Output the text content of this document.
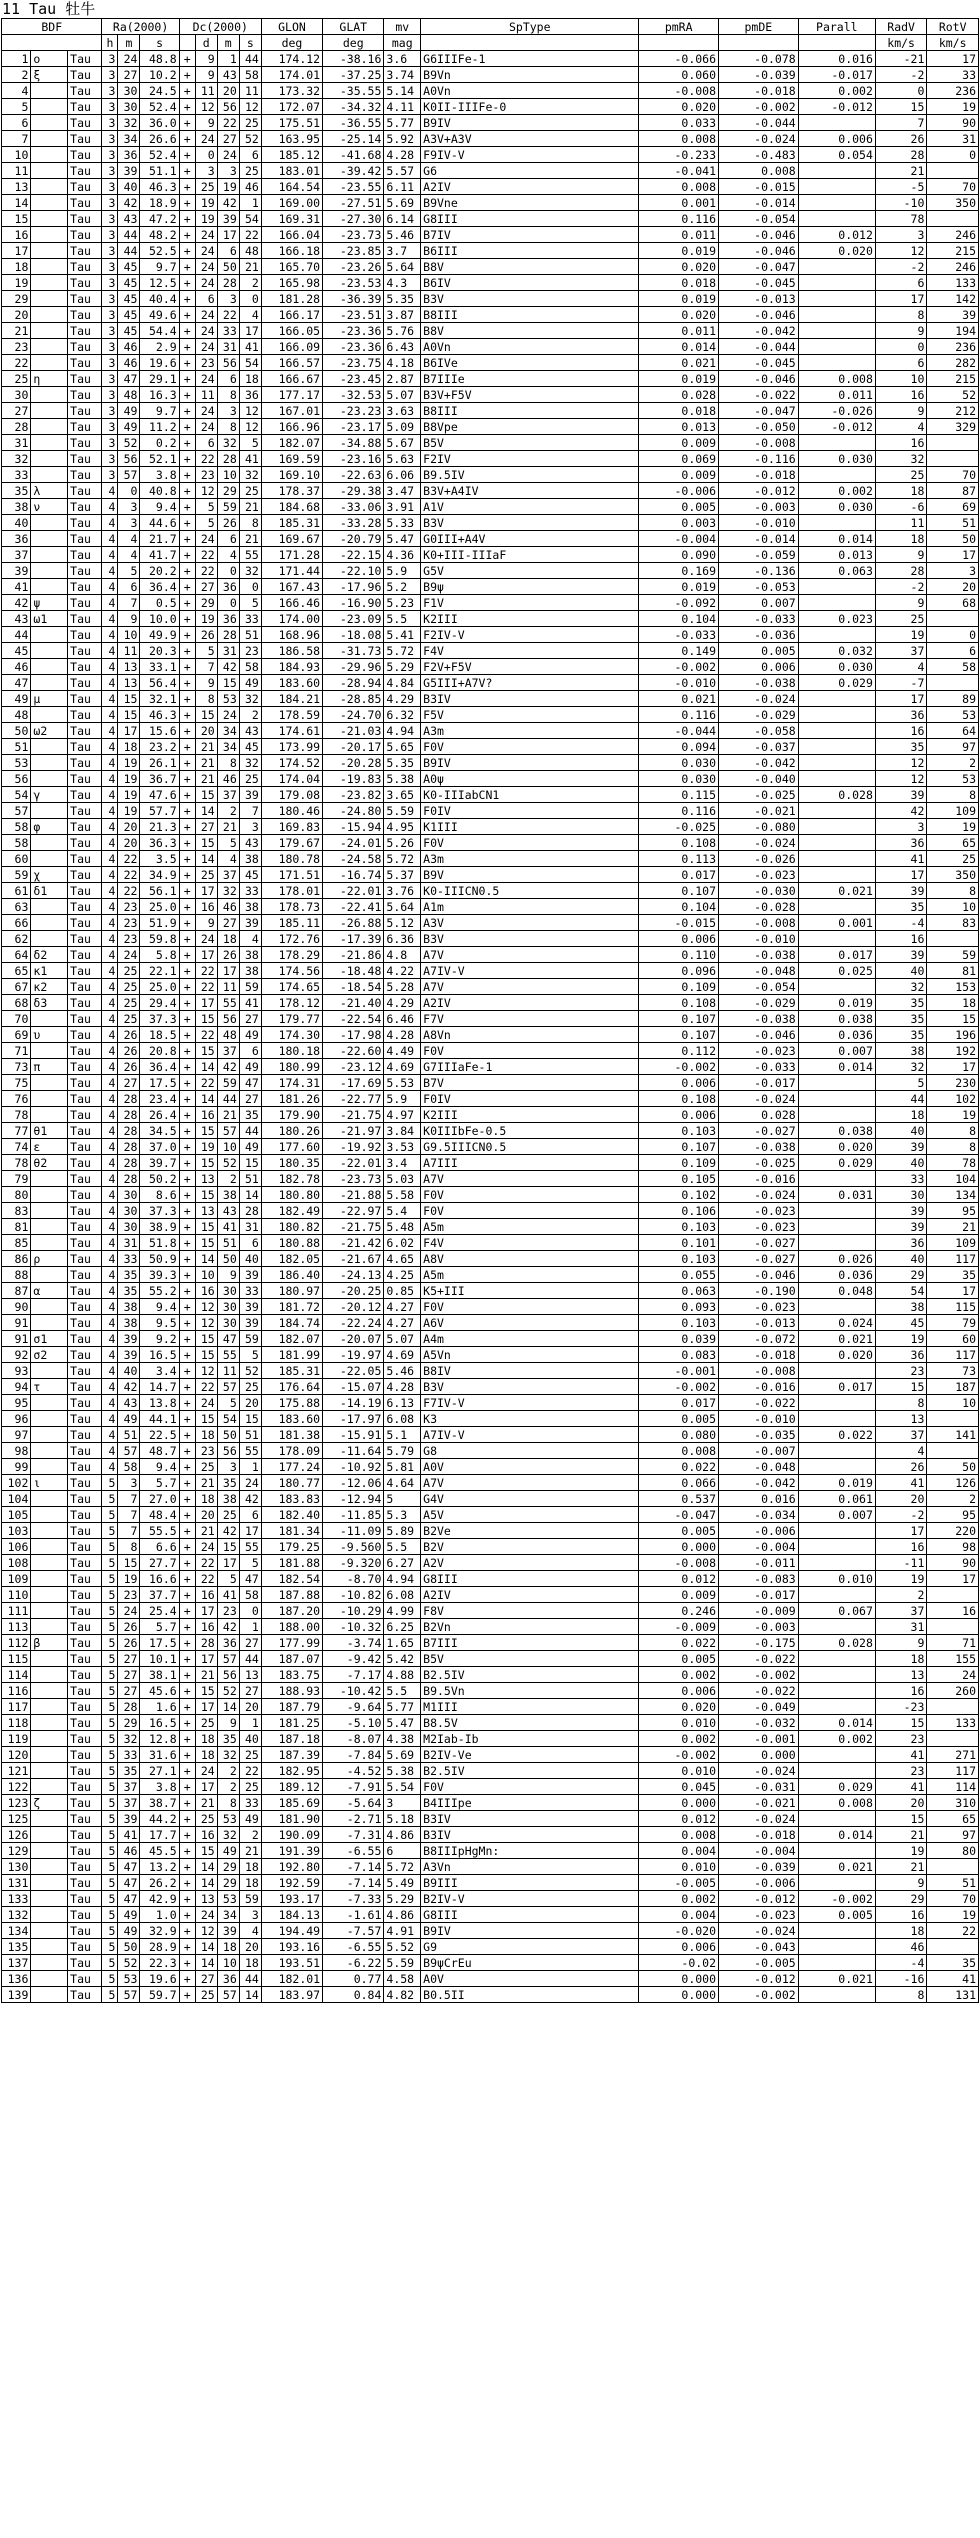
11 Tau 牡牛
BDF			Ra(2000)			Dc(2000)				GLON	GLAT	mv	SpType	pmRA	pmDE	Parall	RadV	RotV
			h	m	s		d	m	s	deg	deg	mag					km/s	km/s
1	ο	Tau	3	24	48.8	+	9	1	44	174.12	-38.16	3.6	G6IIIFe-1	-0.066	-0.078	0.016	-21	17
2	ξ	Tau	3	27	10.2	+	9	43	58	174.01	-37.25	3.74	B9Vn	0.060	-0.039	-0.017	-2	33
4		Tau	3	30	24.5	+	11	20	11	173.32	-35.55	5.14	A0Vn	-0.008	-0.018	0.002	0	236
5		Tau	3	30	52.4	+	12	56	12	172.07	-34.32	4.11	K0II-IIIFe-0	0.020	-0.002	-0.012	15	19
6		Tau	3	32	36.0	+	9	22	25	175.51	-36.55	5.77	B9IV	0.033	-0.044		7	90
7		Tau	3	34	26.6	+	24	27	52	163.95	-25.14	5.92	A3V+A3V	0.008	-0.024	0.006	26	31
10		Tau	3	36	52.4	+	0	24	6	185.12	-41.68	4.28	F9IV-V	-0.233	-0.483	0.054	28	0
11		Tau	3	39	51.1	+	3	3	25	183.01	-39.42	5.57	G6	-0.041	0.008		21	
13		Tau	3	40	46.3	+	25	19	46	164.54	-23.55	6.11	A2IV	0.008	-0.015		-5	70
14		Tau	3	42	18.9	+	19	42	1	169.00	-27.51	5.69	B9Vne	0.001	-0.014		-10	350
15		Tau	3	43	47.2	+	19	39	54	169.31	-27.30	6.14	G8III	0.116	-0.054		78	
16		Tau	3	44	48.2	+	24	17	22	166.04	-23.73	5.46	B7IV	0.011	-0.046	0.012	3	246
17		Tau	3	44	52.5	+	24	6	48	166.18	-23.85	3.7	B6III	0.019	-0.046	0.020	12	215
18		Tau	3	45	9.7	+	24	50	21	165.70	-23.26	5.64	B8V	0.020	-0.047		-2	246
19		Tau	3	45	12.5	+	24	28	2	165.98	-23.53	4.3	B6IV	0.018	-0.045		6	133
29		Tau	3	45	40.4	+	6	3	0	181.28	-36.39	5.35	B3V	0.019	-0.013		17	142
20		Tau	3	45	49.6	+	24	22	4	166.17	-23.51	3.87	B8III	0.020	-0.046		8	39
21		Tau	3	45	54.4	+	24	33	17	166.05	-23.36	5.76	B8V	0.011	-0.042		9	194
23		Tau	3	46	2.9	+	24	31	41	166.09	-23.36	6.43	A0Vn	0.014	-0.044		0	236
22		Tau	3	46	19.6	+	23	56	54	166.57	-23.75	4.18	B6IVe	0.021	-0.045		6	282
25	η	Tau	3	47	29.1	+	24	6	18	166.67	-23.45	2.87	B7IIIe	0.019	-0.046	0.008	10	215
30		Tau	3	48	16.3	+	11	8	36	177.17	-32.53	5.07	B3V+F5V	0.028	-0.022	0.011	16	52
27		Tau	3	49	9.7	+	24	3	12	167.01	-23.23	3.63	B8III	0.018	-0.047	-0.026	9	212
28		Tau	3	49	11.2	+	24	8	12	166.96	-23.17	5.09	B8Vpe	0.013	-0.050	-0.012	4	329
31		Tau	3	52	0.2	+	6	32	5	182.07	-34.88	5.67	B5V	0.009	-0.008		16	
32		Tau	3	56	52.1	+	22	28	41	169.59	-23.16	5.63	F2IV	0.069	-0.116	0.030	32	
33		Tau	3	57	3.8	+	23	10	32	169.10	-22.63	6.06	B9.5IV	0.009	-0.018		25	70
35	λ	Tau	4	0	40.8	+	12	29	25	178.37	-29.38	3.47	B3V+A4IV	-0.006	-0.012	0.002	18	87
38	ν	Tau	4	3	9.4	+	5	59	21	184.68	-33.06	3.91	A1V	0.005	-0.003	0.030	-6	69
40		Tau	4	3	44.6	+	5	26	8	185.31	-33.28	5.33	B3V	0.003	-0.010		11	51
36		Tau	4	4	21.7	+	24	6	21	169.67	-20.79	5.47	G0III+A4V	-0.004	-0.014	0.014	18	50
37		Tau	4	4	41.7	+	22	4	55	171.28	-22.15	4.36	K0+III-IIIaF	0.090	-0.059	0.013	9	17
39		Tau	4	5	20.2	+	22	0	32	171.44	-22.10	5.9	G5V	0.169	-0.136	0.063	28	3
41		Tau	4	6	36.4	+	27	36	0	167.43	-17.96	5.2	B9ψ	0.019	-0.053		-2	20
42	ψ	Tau	4	7	0.5	+	29	0	5	166.46	-16.90	5.23	F1V	-0.092	0.007		9	68
43	ω1	Tau	4	9	10.0	+	19	36	33	174.00	-23.09	5.5	K2III	0.104	-0.033	0.023	25	
44		Tau	4	10	49.9	+	26	28	51	168.96	-18.08	5.41	F2IV-V	-0.033	-0.036		19	0
45		Tau	4	11	20.3	+	5	31	23	186.58	-31.73	5.72	F4V	0.149	0.005	0.032	37	6
46		Tau	4	13	33.1	+	7	42	58	184.93	-29.96	5.29	F2V+F5V	-0.002	0.006	0.030	4	58
47		Tau	4	13	56.4	+	9	15	49	183.60	-28.94	4.84	G5III+A7V?	-0.010	-0.038	0.029	-7	
49	μ	Tau	4	15	32.1	+	8	53	32	184.21	-28.85	4.29	B3IV	0.021	-0.024		17	89
48		Tau	4	15	46.3	+	15	24	2	178.59	-24.70	6.32	F5V	0.116	-0.029		36	53
50	ω2	Tau	4	17	15.6	+	20	34	43	174.61	-21.03	4.94	A3m	-0.044	-0.058		16	64
51		Tau	4	18	23.2	+	21	34	45	173.99	-20.17	5.65	F0V	0.094	-0.037		35	97
53		Tau	4	19	26.1	+	21	8	32	174.52	-20.28	5.35	B9IV	0.030	-0.042		12	2
56		Tau	4	19	36.7	+	21	46	25	174.04	-19.83	5.38	A0ψ	0.030	-0.040		12	53
54	γ	Tau	4	19	47.6	+	15	37	39	179.08	-23.82	3.65	K0-IIIabCN1	0.115	-0.025	0.028	39	8
57		Tau	4	19	57.7	+	14	2	7	180.46	-24.80	5.59	F0IV	0.116	-0.021		42	109
58	φ	Tau	4	20	21.3	+	27	21	3	169.83	-15.94	4.95	K1III	-0.025	-0.080		3	19
58		Tau	4	20	36.3	+	15	5	43	179.67	-24.01	5.26	F0V	0.108	-0.024		36	65
60		Tau	4	22	3.5	+	14	4	38	180.78	-24.58	5.72	A3m	0.113	-0.026		41	25
59	χ	Tau	4	22	34.9	+	25	37	45	171.51	-16.74	5.37	B9V	0.017	-0.023		17	350
61	δ1	Tau	4	22	56.1	+	17	32	33	178.01	-22.01	3.76	K0-IIICN0.5	0.107	-0.030	0.021	39	8
63		Tau	4	23	25.0	+	16	46	38	178.73	-22.41	5.64	A1m	0.104	-0.028		35	10
66		Tau	4	23	51.9	+	9	27	39	185.11	-26.88	5.12	A3V	-0.015	-0.008	0.001	-4	83
62		Tau	4	23	59.8	+	24	18	4	172.76	-17.39	6.36	B3V	0.006	-0.010		16	
64	δ2	Tau	4	24	5.8	+	17	26	38	178.29	-21.86	4.8	A7V	0.110	-0.038	0.017	39	59
65	κ1	Tau	4	25	22.1	+	22	17	38	174.56	-18.48	4.22	A7IV-V	0.096	-0.048	0.025	40	81
67	κ2	Tau	4	25	25.0	+	22	11	59	174.65	-18.54	5.28	A7V	0.109	-0.054		32	153
68	δ3	Tau	4	25	29.4	+	17	55	41	178.12	-21.40	4.29	A2IV	0.108	-0.029	0.019	35	18
70		Tau	4	25	37.3	+	15	56	27	179.77	-22.54	6.46	F7V	0.107	-0.038	0.038	35	15
69	υ	Tau	4	26	18.5	+	22	48	49	174.30	-17.98	4.28	A8Vn	0.107	-0.046	0.036	35	196
71		Tau	4	26	20.8	+	15	37	6	180.18	-22.60	4.49	F0V	0.112	-0.023	0.007	38	192
73	π	Tau	4	26	36.4	+	14	42	49	180.99	-23.12	4.69	G7IIIaFe-1	-0.002	-0.033	0.014	32	17
75		Tau	4	27	17.5	+	22	59	47	174.31	-17.69	5.53	B7V	0.006	-0.017		5	230
76		Tau	4	28	23.4	+	14	44	27	181.26	-22.77	5.9	F0IV	0.108	-0.024		44	102
78		Tau	4	28	26.4	+	16	21	35	179.90	-21.75	4.97	K2III	0.006	0.028		18	19
77	θ1	Tau	4	28	34.5	+	15	57	44	180.26	-21.97	3.84	K0IIIbFe-0.5	0.103	-0.027	0.038	40	8
74	ε	Tau	4	28	37.0	+	19	10	49	177.60	-19.92	3.53	G9.5IIICN0.5	0.107	-0.038	0.020	39	8
78	θ2	Tau	4	28	39.7	+	15	52	15	180.35	-22.01	3.4	A7III	0.109	-0.025	0.029	40	78
79		Tau	4	28	50.2	+	13	2	51	182.78	-23.73	5.03	A7V	0.105	-0.016		33	104
80		Tau	4	30	8.6	+	15	38	14	180.80	-21.88	5.58	F0V	0.102	-0.024	0.031	30	134
83		Tau	4	30	37.3	+	13	43	28	182.49	-22.97	5.4	F0V	0.106	-0.023		39	95
81		Tau	4	30	38.9	+	15	41	31	180.82	-21.75	5.48	A5m	0.103	-0.023		39	21
85		Tau	4	31	51.8	+	15	51	6	180.88	-21.42	6.02	F4V	0.101	-0.027		36	109
86	ρ	Tau	4	33	50.9	+	14	50	40	182.05	-21.67	4.65	A8V	0.103	-0.027	0.026	40	117
88		Tau	4	35	39.3	+	10	9	39	186.40	-24.13	4.25	A5m	0.055	-0.046	0.036	29	35
87	α	Tau	4	35	55.2	+	16	30	33	180.97	-20.25	0.85	K5+III	0.063	-0.190	0.048	54	17
90		Tau	4	38	9.4	+	12	30	39	181.72	-20.12	4.27	F0V	0.093	-0.023		38	115
91		Tau	4	38	9.5	+	12	30	39	184.74	-22.24	4.27	A6V	0.103	-0.013	0.024	45	79
91	σ1	Tau	4	39	9.2	+	15	47	59	182.07	-20.07	5.07	A4m	0.039	-0.072	0.021	19	60
92	σ2	Tau	4	39	16.5	+	15	55	5	181.99	-19.97	4.69	A5Vn	0.083	-0.018	0.020	36	117
93		Tau	4	40	3.4	+	12	11	52	185.31	-22.05	5.46	B8IV	-0.001	-0.008		23	73
94	τ	Tau	4	42	14.7	+	22	57	25	176.64	-15.07	4.28	B3V	-0.002	-0.016	0.017	15	187
95		Tau	4	43	13.8	+	24	5	20	175.88	-14.19	6.13	F7IV-V	0.017	-0.022		8	10
96		Tau	4	49	44.1	+	15	54	15	183.60	-17.97	6.08	K3	0.005	-0.010		13	
97		Tau	4	51	22.5	+	18	50	51	181.38	-15.91	5.1	A7IV-V	0.080	-0.035	0.022	37	141
98		Tau	4	57	48.7	+	23	56	55	178.09	-11.64	5.79	G8	0.008	-0.007		4	
99		Tau	4	58	9.4	+	25	3	1	177.24	-10.92	5.81	A0V	0.022	-0.048		26	50
102	ι	Tau	5	3	5.7	+	21	35	24	180.77	-12.06	4.64	A7V	0.066	-0.042	0.019	41	126
104		Tau	5	7	27.0	+	18	38	42	183.83	-12.94	5	G4V	0.537	0.016	0.061	20	2
105		Tau	5	7	48.4	+	20	25	6	182.40	-11.85	5.3	A5V	-0.047	-0.034	0.007	-2	95
103		Tau	5	7	55.5	+	21	42	17	181.34	-11.09	5.89	B2Ve	0.005	-0.006		17	220
106		Tau	5	8	6.6	+	24	15	55	179.25	-9.560	5.5	B2V	0.000	-0.004		16	98
108		Tau	5	15	27.7	+	22	17	5	181.88	-9.320	6.27	A2V	-0.008	-0.011		-11	90
109		Tau	5	19	16.6	+	22	5	47	182.54	-8.70	4.94	G8III	0.012	-0.083	0.010	19	17
110		Tau	5	23	37.7	+	16	41	58	187.88	-10.82	6.08	A2IV	0.009	-0.017		2	
111		Tau	5	24	25.4	+	17	23	0	187.20	-10.29	4.99	F8V	0.246	-0.009	0.067	37	16
113		Tau	5	26	5.7	+	16	42	1	188.00	-10.32	6.25	B2Vn	-0.009	-0.003		31	
112	β	Tau	5	26	17.5	+	28	36	27	177.99	-3.74	1.65	B7III	0.022	-0.175	0.028	9	71
115		Tau	5	27	10.1	+	17	57	44	187.07	-9.42	5.42	B5V	0.005	-0.022		18	155
114		Tau	5	27	38.1	+	21	56	13	183.75	-7.17	4.88	B2.5IV	0.002	-0.002		13	24
116		Tau	5	27	45.6	+	15	52	27	188.93	-10.42	5.5	B9.5Vn	0.006	-0.022		16	260
117		Tau	5	28	1.6	+	17	14	20	187.79	-9.64	5.77	M1III	0.020	-0.049		-23	
118		Tau	5	29	16.5	+	25	9	1	181.25	-5.10	5.47	B8.5V	0.010	-0.032	0.014	15	133
119		Tau	5	32	12.8	+	18	35	40	187.18	-8.07	4.38	M2Iab-Ib	0.002	-0.001	0.002	23	
120		Tau	5	33	31.6	+	18	32	25	187.39	-7.84	5.69	B2IV-Ve	-0.002	0.000		41	271
121		Tau	5	35	27.1	+	24	2	22	182.95	-4.52	5.38	B2.5IV	0.010	-0.024		23	117
122		Tau	5	37	3.8	+	17	2	25	189.12	-7.91	5.54	F0V	0.045	-0.031	0.029	41	114
123	ζ	Tau	5	37	38.7	+	21	8	33	185.69	-5.64	3	B4IIIpe	0.000	-0.021	0.008	20	310
125		Tau	5	39	44.2	+	25	53	49	181.90	-2.71	5.18	B3IV	0.012	-0.024		15	65
126		Tau	5	41	17.7	+	16	32	2	190.09	-7.31	4.86	B3IV	0.008	-0.018	0.014	21	97
129		Tau	5	46	45.5	+	15	49	21	191.39	-6.55	6	B8IIIpHgMn:	0.004	-0.004		19	80
130		Tau	5	47	13.2	+	14	29	18	192.80	-7.14	5.72	A3Vn	0.010	-0.039	0.021	21	
131		Tau	5	47	26.2	+	14	29	18	192.59	-7.14	5.49	B9III	-0.005	-0.006		9	51
133		Tau	5	47	42.9	+	13	53	59	193.17	-7.33	5.29	B2IV-V	0.002	-0.012	-0.002	29	70
132		Tau	5	49	1.0	+	24	34	3	184.13	-1.61	4.86	G8III	0.004	-0.023	0.005	16	19
134		Tau	5	49	32.9	+	12	39	4	194.49	-7.57	4.91	B9IV	-0.020	-0.024		18	22
135		Tau	5	50	28.9	+	14	18	20	193.16	-6.55	5.52	G9	0.006	-0.043		46	
137		Tau	5	52	22.3	+	14	10	18	193.51	-6.22	5.59	B9ψCrEu	-0.02	-0.005		-4	35
136		Tau	5	53	19.6	+	27	36	44	182.01	0.77	4.58	A0V	0.000	-0.012	0.021	-16	41
139		Tau	5	57	59.7	+	25	57	14	183.97	0.84	4.82	B0.5II	0.000	-0.002		8	131
